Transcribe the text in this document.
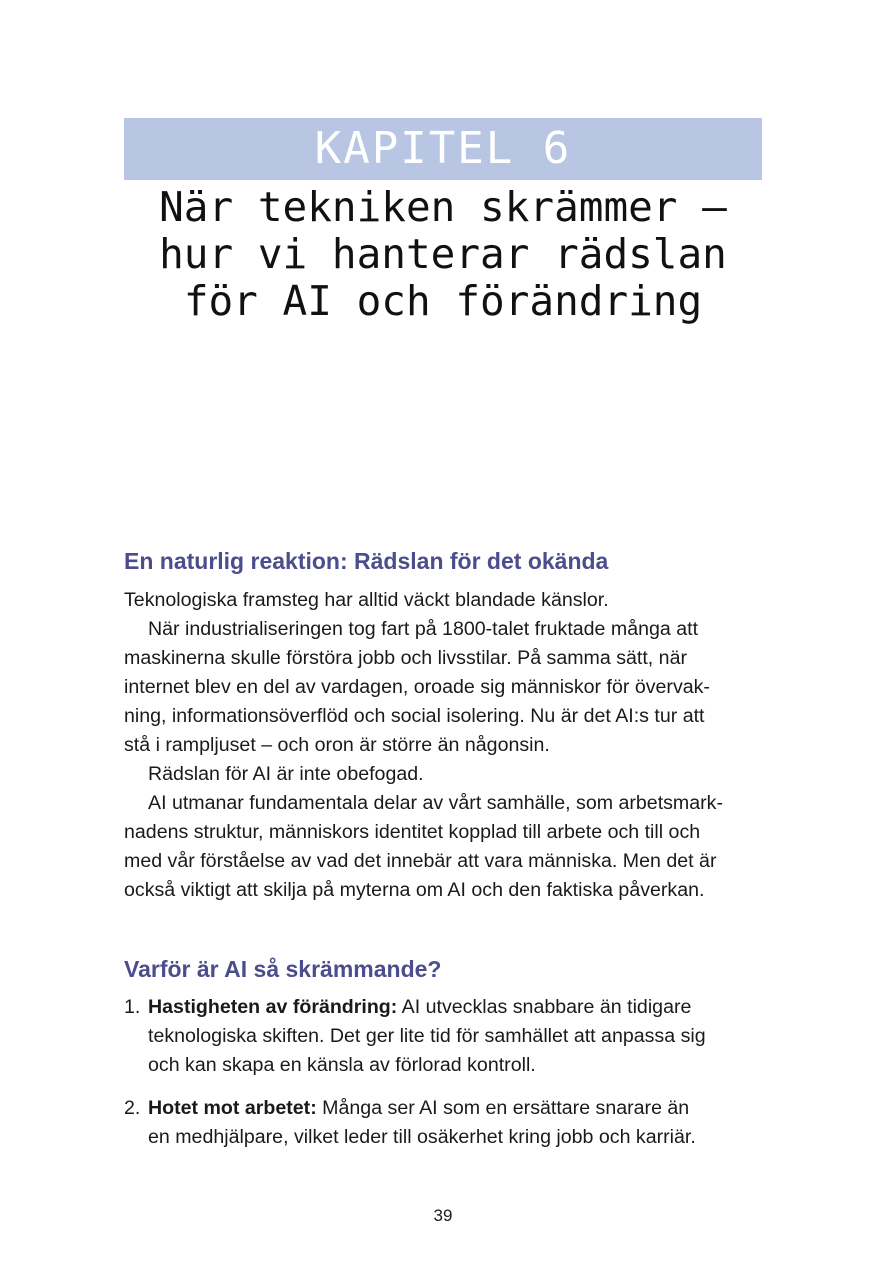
KAPITEL 6
När tekniken skrämmer –
hur vi hanterar rädslan
för AI och förändring
En naturlig reaktion: Rädslan för det okända
Teknologiska framsteg har alltid väckt blandade känslor.
När industrialiseringen tog fart på 1800-talet fruktade många att
maskinerna skulle förstöra jobb och livsstilar. På samma sätt, när
internet blev en del av vardagen, oroade sig människor för övervak-
ning, informationsöverflöd och social isolering. Nu är det AI:s tur att
stå i rampljuset – och oron är större än någonsin.
Rädslan för AI är inte obefogad.
AI utmanar fundamentala delar av vårt samhälle, som arbetsmark-
nadens struktur, människors identitet kopplad till arbete och till och
med vår förståelse av vad det innebär att vara människa. Men det är
också viktigt att skilja på myterna om AI och den faktiska påverkan.
Varför är AI så skrämmande?
1. Hastigheten av förändring: AI utvecklas snabbare än tidigare
teknologiska skiften. Det ger lite tid för samhället att anpassa sig
och kan skapa en känsla av förlorad kontroll.
2. Hotet mot arbetet: Många ser AI som en ersättare snarare än
en medhjälpare, vilket leder till osäkerhet kring jobb och karriär.
39
